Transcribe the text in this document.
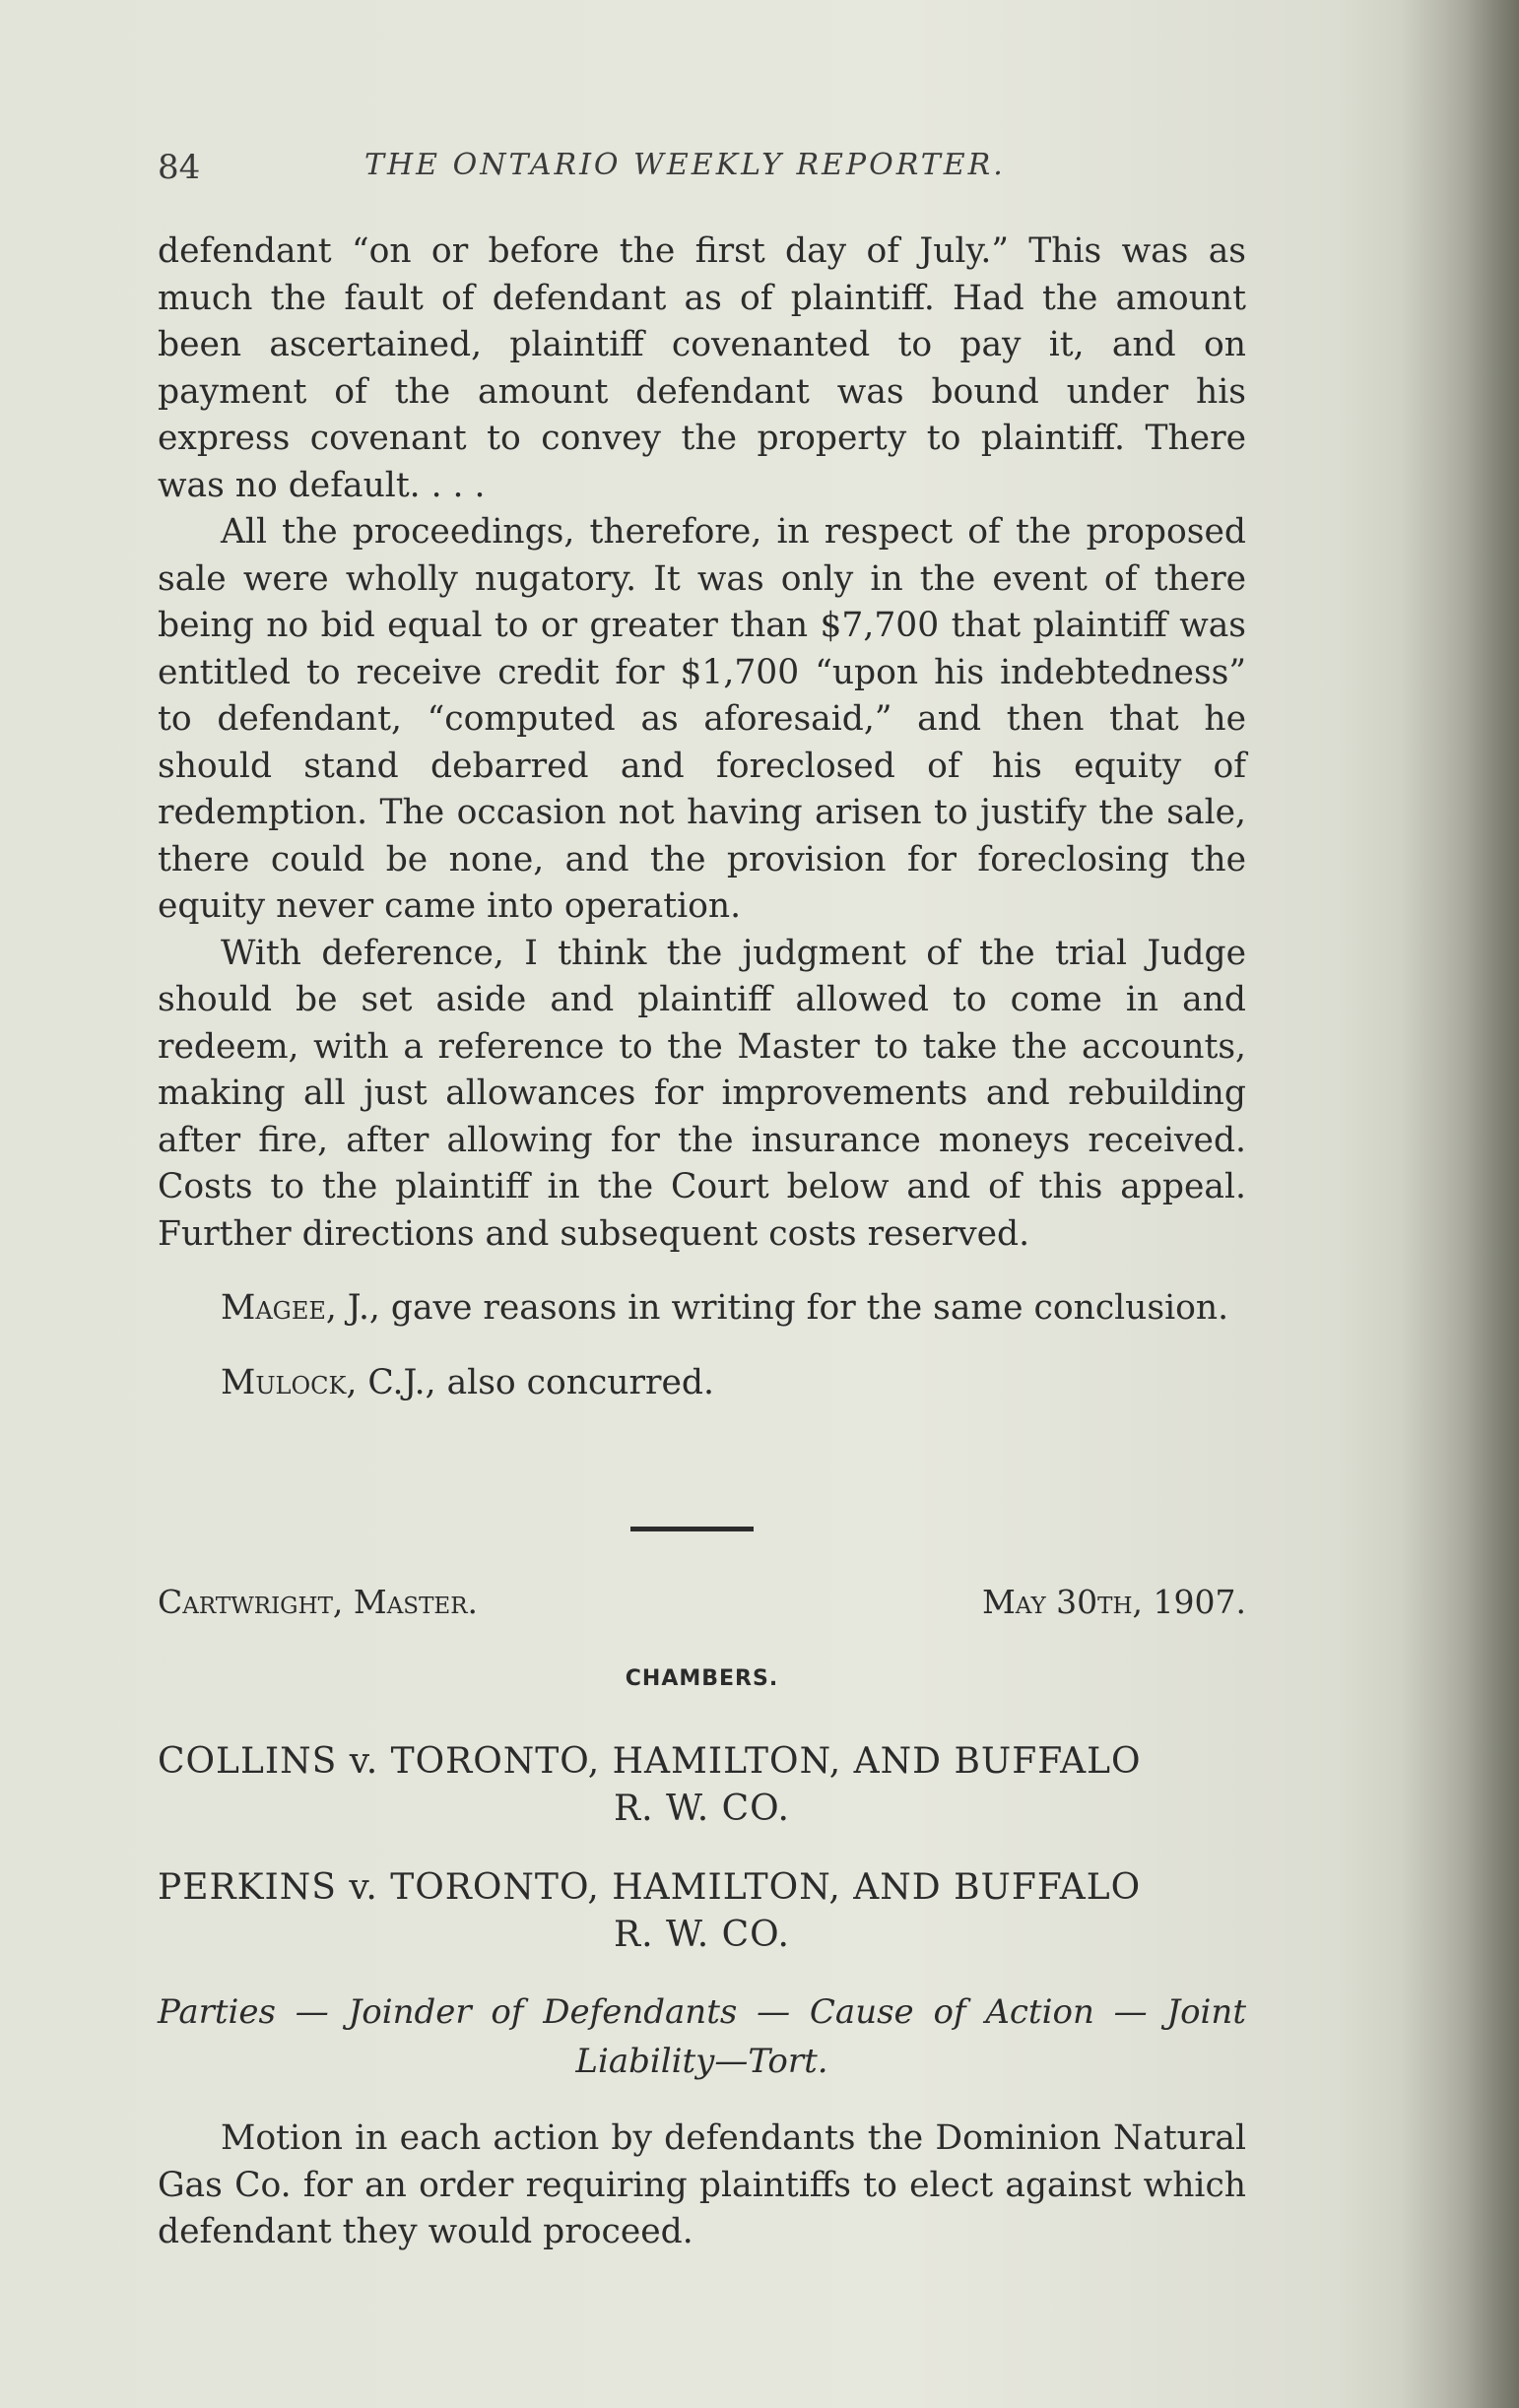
84	THE ONTARIO WEEKLY REPORTER.

defendant “on or before the first day of July.” This was as much the fault of defendant as of plaintiff. Had the amount been ascertained, plaintiff covenanted to pay it, and on payment of the amount defendant was bound under his express covenant to convey the property to plaintiff. There was no default. . . .

All the proceedings, therefore, in respect of the proposed sale were wholly nugatory. It was only in the event of there being no bid equal to or greater than $7,700 that plaintiff was entitled to receive credit for $1,700 “upon his indebtedness” to defendant, “computed as aforesaid,” and then that he should stand debarred and foreclosed of his equity of redemption. The occasion not having arisen to justify the sale, there could be none, and the provision for foreclosing the equity never came into operation.

With deference, I think the judgment of the trial Judge should be set aside and plaintiff allowed to come in and redeem, with a reference to the Master to take the accounts, making all just allowances for improvements and rebuilding after fire, after allowing for the insurance moneys received. Costs to the plaintiff in the Court below and of this appeal. Further directions and subsequent costs reserved.

Magee, J., gave reasons in writing for the same conclusion.

Mulock, C.J., also concurred.

Cartwright, Master.	May 30th, 1907.
CHAMBERS.
COLLINS v. TORONTO, HAMILTON, AND BUFFALO
R. W. CO.
PERKINS v. TORONTO, HAMILTON, AND BUFFALO
R. W. CO.
Parties — Joinder of Defendants — Cause of Action — Joint
Liability—Tort.

Motion in each action by defendants the Dominion Natural Gas Co. for an order requiring plaintiffs to elect against which defendant they would proceed.
